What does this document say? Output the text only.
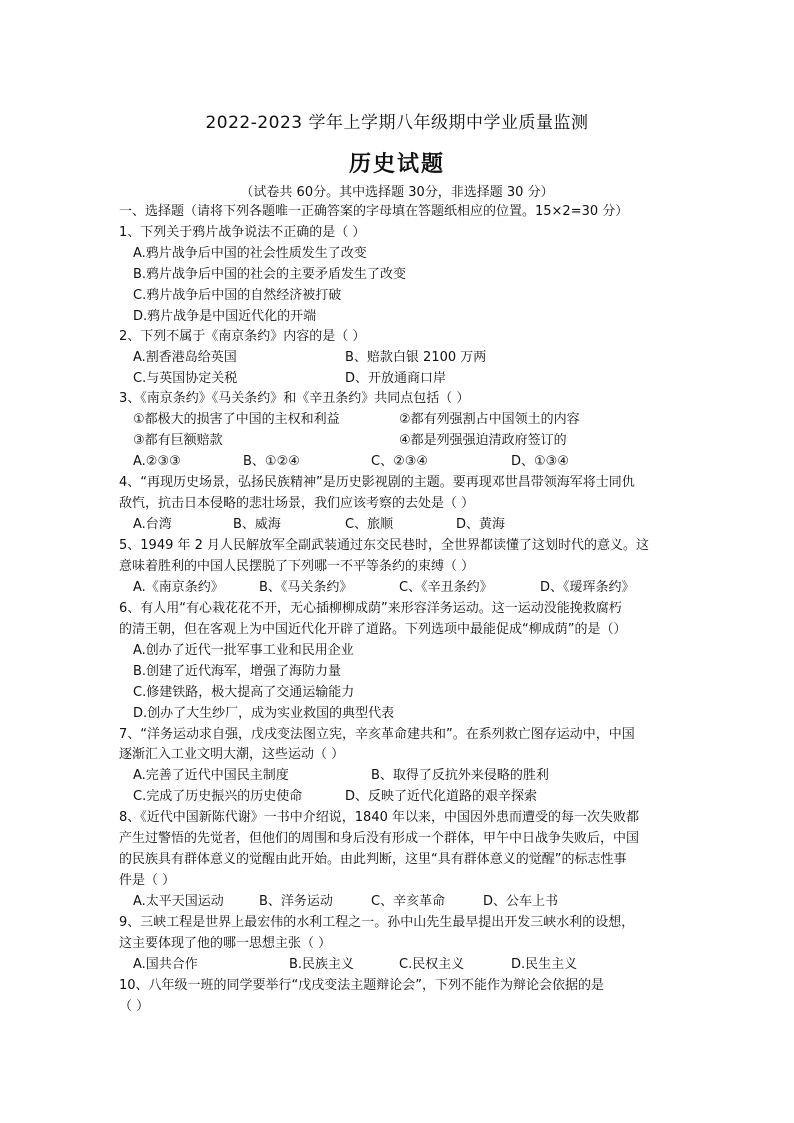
2022-2023 学年上学期八年级期中学业质量监测
历史试题
（试卷共 60分。其中选择题 30分，非选择题 30 分）
一、选择题（请将下列各题唯一正确答案的字母填在答题纸相应的位置。15×2=30 分）
1、下列关于鸦片战争说法不正确的是（ ）
A.鸦片战争后中国的社会性质发生了改变
B.鸦片战争后中国的社会的主要矛盾发生了改变
C.鸦片战争后中国的自然经济被打破
D.鸦片战争是中国近代化的开端
2、下列不属于《南京条约》内容的是（ ）
A.割香港岛给英国	B、赔款白银 2100 万两
C.与英国协定关税	D、开放通商口岸
3、《南京条约》《马关条约》和《辛丑条约》共同点包括（ ）
①都极大的损害了中国的主权和利益	②都有列强割占中国领土的内容
③都有巨额赔款	④都是列强强迫清政府签订的
A.②③③	B、①②④	C、②③④	D、①③④
4、“再现历史场景，弘扬民族精神”是历史影视剧的主题。要再现邓世昌带领海军将士同仇
敌忾，抗击日本侵略的悲壮场景，我们应该考察的去处是（ ）
A.台湾	B、威海	C、旅顺	D、黄海
5、1949 年 2 月人民解放军全副武装通过东交民巷时，全世界都读懂了这划时代的意义。这
意味着胜利的中国人民摆脱了下列哪一不平等条约的束缚（ ）
A.《南京条约》	B、《马关条约》	C、《辛丑条约》	D、《瑷珲条约》
6、有人用“有心栽花花不开，无心插柳柳成荫”来形容洋务运动。这一运动没能挽救腐朽
的清王朝，但在客观上为中国近代化开辟了道路。下列选项中最能促成“柳成荫”的是（）
A.创办了近代一批军事工业和民用企业
B.创建了近代海军，增强了海防力量
C.修建铁路，极大提高了交通运输能力
D.创办了大生纱厂，成为实业救国的典型代表
7、“洋务运动求自强，戊戌变法图立宪，辛亥革命建共和”。在系列救亡图存运动中，中国
逐渐汇入工业文明大潮，这些运动（ ）
A.完善了近代中国民主制度	B、取得了反抗外来侵略的胜利
C.完成了历史振兴的历史使命	D、反映了近代化道路的艰辛探索
8、《近代中国新陈代谢》一书中介绍说，1840 年以来，中国因外患而遭受的每一次失败都
产生过警悟的先觉者，但他们的周围和身后没有形成一个群体，甲午中日战争失败后，中国
的民族具有群体意义的觉醒由此开始。由此判断，这里“具有群体意义的觉醒”的标志性事
件是（ ）
A.太平天国运动	B、洋务运动	C、辛亥革命	D、公车上书
9、三峡工程是世界上最宏伟的水利工程之一。孙中山先生最早提出开发三峡水利的设想，
这主要体现了他的哪一思想主张（ ）
A.国共合作	B.民族主义	C.民权主义	D.民生主义
10、八年级一班的同学要举行“戊戌变法主题辩论会”，下列不能作为辩论会依据的是
（ ）
